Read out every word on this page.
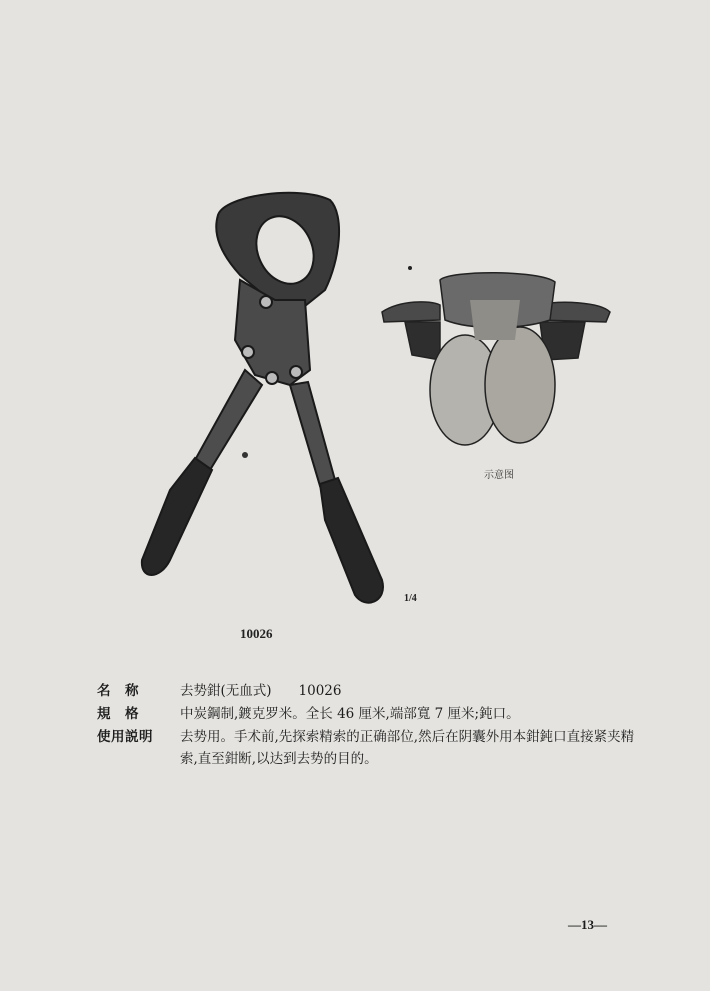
示意图
10026
1/4
名　称	去势鉗(无血式)　　10026
規　格	中炭鋼制,鍍克罗米。全长 46 厘米,端部寬 7 厘米;鈍口。
使用説明 去势用。手术前,先探索精索的正确部位,然后在阴囊外用本鉗鈍口直接紧夹精索,直至鉗断,以达到去势的目的。
—13—
